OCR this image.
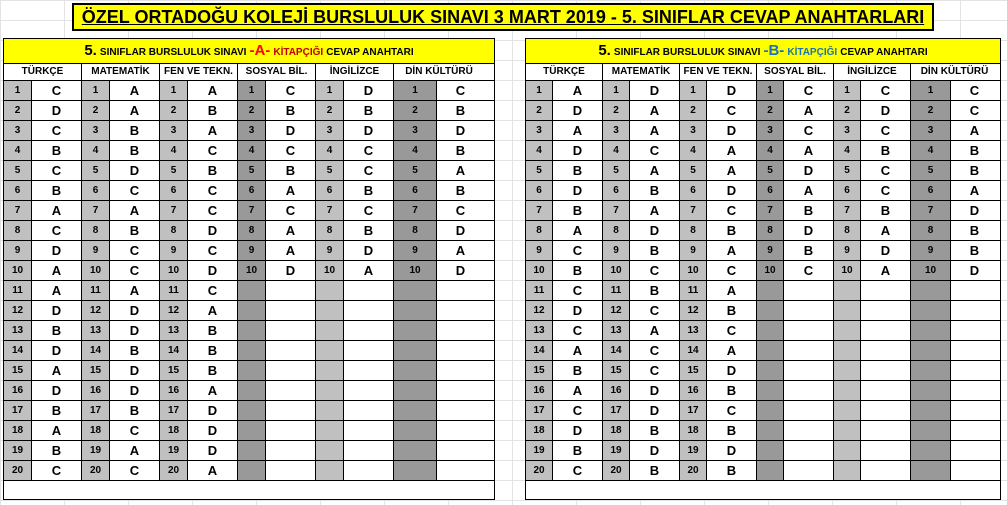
ÖZEL ORTADOĞU KOLEJİ BURSLULUK SINAVI 3 MART 2019 - 5. SINIFLAR CEVAP ANAHTARLARI
5. SINIFLAR BURSLULUK SINAVI -A- KİTAPÇIĞI CEVAP ANAHTARI
TÜRKÇE	MATEMATİK	FEN VE TEKN.	SOSYAL BİL.	İNGİLİZCE	DİN KÜLTÜRÜ
1	C	1	A	1	A	1	C	1	D	1	C
2	D	2	A	2	B	2	B	2	B	2	B
3	C	3	B	3	A	3	D	3	D	3	D
4	B	4	B	4	C	4	C	4	C	4	B
5	C	5	D	5	B	5	B	5	C	5	A
6	B	6	C	6	C	6	A	6	B	6	B
7	A	7	A	7	C	7	C	7	C	7	C
8	C	8	B	8	D	8	A	8	B	8	D
9	D	9	C	9	C	9	A	9	D	9	A
10	A	10	C	10	D	10	D	10	A	10	D
11	A	11	A	11	C
12	D	12	D	12	A
13	B	13	D	13	B
14	D	14	B	14	B
15	A	15	D	15	B
16	D	16	D	16	A
17	B	17	B	17	D
18	A	18	C	18	D
19	B	19	A	19	D
20	C	20	C	20	A
5. SINIFLAR BURSLULUK SINAVI -B- KİTAPÇIĞI CEVAP ANAHTARI
TÜRKÇE	MATEMATİK	FEN VE TEKN.	SOSYAL BİL.	İNGİLİZCE	DİN KÜLTÜRÜ
1	A	1	D	1	D	1	C	1	C	1	C
2	D	2	A	2	C	2	A	2	D	2	C
3	A	3	A	3	D	3	C	3	C	3	A
4	D	4	C	4	A	4	A	4	B	4	B
5	B	5	A	5	A	5	D	5	C	5	B
6	D	6	B	6	D	6	A	6	C	6	A
7	B	7	A	7	C	7	B	7	B	7	D
8	A	8	D	8	B	8	D	8	A	8	B
9	C	9	B	9	A	9	B	9	D	9	B
10	B	10	C	10	C	10	C	10	A	10	D
11	C	11	B	11	A
12	D	12	C	12	B
13	C	13	A	13	C
14	A	14	C	14	A
15	B	15	C	15	D
16	A	16	D	16	B
17	C	17	D	17	C
18	D	18	B	18	B
19	B	19	D	19	D
20	C	20	B	20	B
